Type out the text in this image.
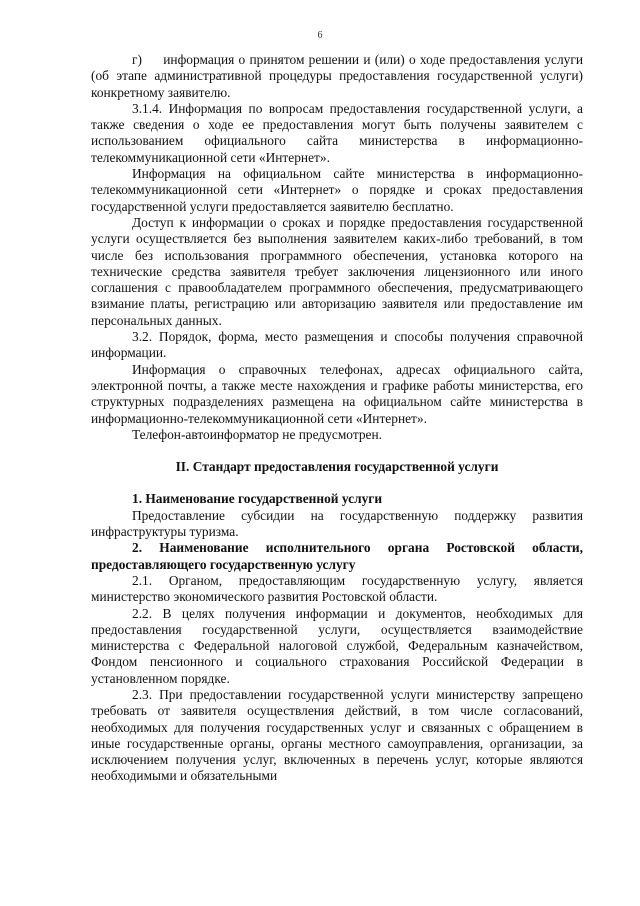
6

г)     информация о принятом решении и (или) о ходе предоставления услуги (об этапе административной процедуры предоставления государственной услуги) конкретному заявителю.

3.1.4. Информация по вопросам предоставления государственной услуги, а также сведения о ходе ее предоставления могут быть получены заявителем с использованием официального сайта министерства в информационно-телекоммуникационной сети «Интернет».

Информация на официальном сайте министерства в информационно-телекоммуникационной сети «Интернет» о порядке и сроках предоставления государственной услуги предоставляется заявителю бесплатно.

Доступ к информации о сроках и порядке предоставления государственной услуги осуществляется без выполнения заявителем каких-либо требований, в том числе без использования программного обеспечения, установка которого на технические средства заявителя требует заключения лицензионного или иного соглашения с правообладателем программного обеспечения, предусматривающего взимание платы, регистрацию или авторизацию заявителя или предоставление им персональных данных.

3.2. Порядок, форма, место размещения и способы получения справочной информации.

Информация о справочных телефонах, адресах официального сайта, электронной почты, а также месте нахождения и графике работы министерства, его структурных подразделениях размещена на официальном сайте министерства в информационно-телекоммуникационной сети «Интернет».

Телефон-автоинформатор не предусмотрен.

II. Стандарт предоставления государственной услуги
1. Наименование государственной услуги

Предоставление субсидии на государственную поддержку развития инфраструктуры туризма.

2. Наименование исполнительного органа Ростовской области, предоставляющего государственную услугу

2.1. Органом, предоставляющим государственную услугу, является министерство экономического развития Ростовской области.

2.2. В целях получения информации и документов, необходимых для предоставления государственной услуги, осуществляется взаимодействие министерства с Федеральной налоговой службой, Федеральным казначейством, Фондом пенсионного и социального страхования Российской Федерации в установленном порядке.

2.3. При предоставлении государственной услуги министерству запрещено требовать от заявителя осуществления действий, в том числе согласований, необходимых для получения государственных услуг и связанных с обращением в иные государственные органы, органы местного самоуправления, организации, за исключением получения услуг, включенных в перечень услуг, которые являются необходимыми и обязательными
